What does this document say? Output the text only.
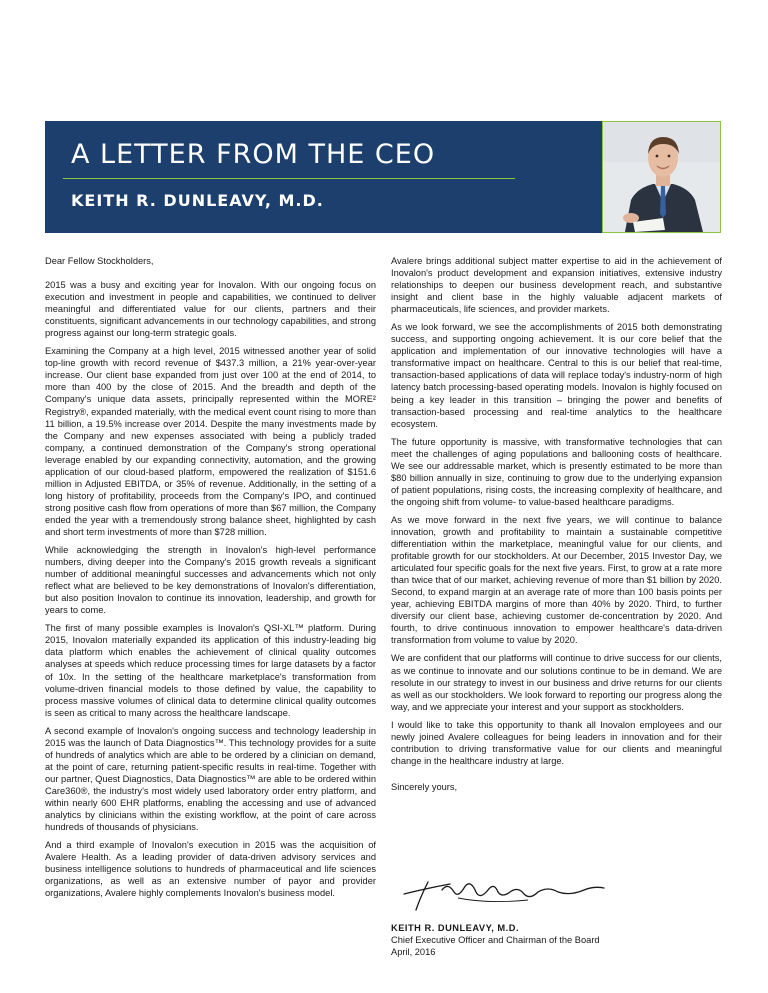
A LETTER FROM THE CEO
KEITH R. DUNLEAVY, M.D.

Dear Fellow Stockholders,

2015 was a busy and exciting year for Inovalon. With our ongoing focus on execution and investment in people and capabilities, we continued to deliver meaningful and differentiated value for our clients, partners and their constituents, significant advancements in our technology capabilities, and strong progress against our long-term strategic goals.

Examining the Company at a high level, 2015 witnessed another year of solid top-line growth with record revenue of $437.3 million, a 21% year-over-year increase. Our client base expanded from just over 100 at the end of 2014, to more than 400 by the close of 2015. And the breadth and depth of the Company's unique data assets, principally represented within the MORE² Registry®, expanded materially, with the medical event count rising to more than 11 billion, a 19.5% increase over 2014. Despite the many investments made by the Company and new expenses associated with being a publicly traded company, a continued demonstration of the Company's strong operational leverage enabled by our expanding connectivity, automation, and the growing application of our cloud-based platform, empowered the realization of $151.6 million in Adjusted EBITDA, or 35% of revenue. Additionally, in the setting of a long history of profitability, proceeds from the Company's IPO, and continued strong positive cash flow from operations of more than $67 million, the Company ended the year with a tremendously strong balance sheet, highlighted by cash and short term investments of more than $728 million.

While acknowledging the strength in Inovalon's high-level performance numbers, diving deeper into the Company's 2015 growth reveals a significant number of additional meaningful successes and advancements which not only reflect what are believed to be key demonstrations of Inovalon's differentiation, but also position Inovalon to continue its innovation, leadership, and growth for years to come.

The first of many possible examples is Inovalon's QSI-XL™ platform. During 2015, Inovalon materially expanded its application of this industry-leading big data platform which enables the achievement of clinical quality outcomes analyses at speeds which reduce processing times for large datasets by a factor of 10x. In the setting of the healthcare marketplace's transformation from volume-driven financial models to those defined by value, the capability to process massive volumes of clinical data to determine clinical quality outcomes is seen as critical to many across the healthcare landscape.

A second example of Inovalon's ongoing success and technology leadership in 2015 was the launch of Data Diagnostics™. This technology provides for a suite of hundreds of analytics which are able to be ordered by a clinician on demand, at the point of care, returning patient-specific results in real-time. Together with our partner, Quest Diagnostics, Data Diagnostics™ are able to be ordered within Care360®, the industry's most widely used laboratory order entry platform, and within nearly 600 EHR platforms, enabling the accessing and use of advanced analytics by clinicians within the existing workflow, at the point of care across hundreds of thousands of physicians.

And a third example of Inovalon's execution in 2015 was the acquisition of Avalere Health. As a leading provider of data-driven advisory services and business intelligence solutions to hundreds of pharmaceutical and life sciences organizations, as well as an extensive number of payor and provider organizations, Avalere highly complements Inovalon's business model.

Avalere brings additional subject matter expertise to aid in the achievement of Inovalon's product development and expansion initiatives, extensive industry relationships to deepen our business development reach, and substantive insight and client base in the highly valuable adjacent markets of pharmaceuticals, life sciences, and provider markets.

As we look forward, we see the accomplishments of 2015 both demonstrating success, and supporting ongoing achievement. It is our core belief that the application and implementation of our innovative technologies will have a transformative impact on healthcare. Central to this is our belief that real-time, transaction-based applications of data will replace today's industry-norm of high latency batch processing-based operating models. Inovalon is highly focused on being a key leader in this transition – bringing the power and benefits of transaction-based processing and real-time analytics to the healthcare ecosystem.

The future opportunity is massive, with transformative technologies that can meet the challenges of aging populations and ballooning costs of healthcare. We see our addressable market, which is presently estimated to be more than $80 billion annually in size, continuing to grow due to the underlying expansion of patient populations, rising costs, the increasing complexity of healthcare, and the ongoing shift from volume- to value-based healthcare paradigms.

As we move forward in the next five years, we will continue to balance innovation, growth and profitability to maintain a sustainable competitive differentiation within the marketplace, meaningful value for our clients, and profitable growth for our stockholders. At our December, 2015 Investor Day, we articulated four specific goals for the next five years. First, to grow at a rate more than twice that of our market, achieving revenue of more than $1 billion by 2020. Second, to expand margin at an average rate of more than 100 basis points per year, achieving EBITDA margins of more than 40% by 2020. Third, to further diversify our client base, achieving customer de-concentration by 2020. And fourth, to drive continuous innovation to empower healthcare's data-driven transformation from volume to value by 2020.

We are confident that our platforms will continue to drive success for our clients, as we continue to innovate and our solutions continue to be in demand. We are resolute in our strategy to invest in our business and drive returns for our clients as well as our stockholders. We look forward to reporting our progress along the way, and we appreciate your interest and your support as stockholders.

I would like to take this opportunity to thank all Inovalon employees and our newly joined Avalere colleagues for being leaders in innovation and for their contribution to driving transformative value for our clients and meaningful change in the healthcare industry at large.

Sincerely yours,

KEITH R. DUNLEAVY, M.D.
Chief Executive Officer and Chairman of the Board
April, 2016
